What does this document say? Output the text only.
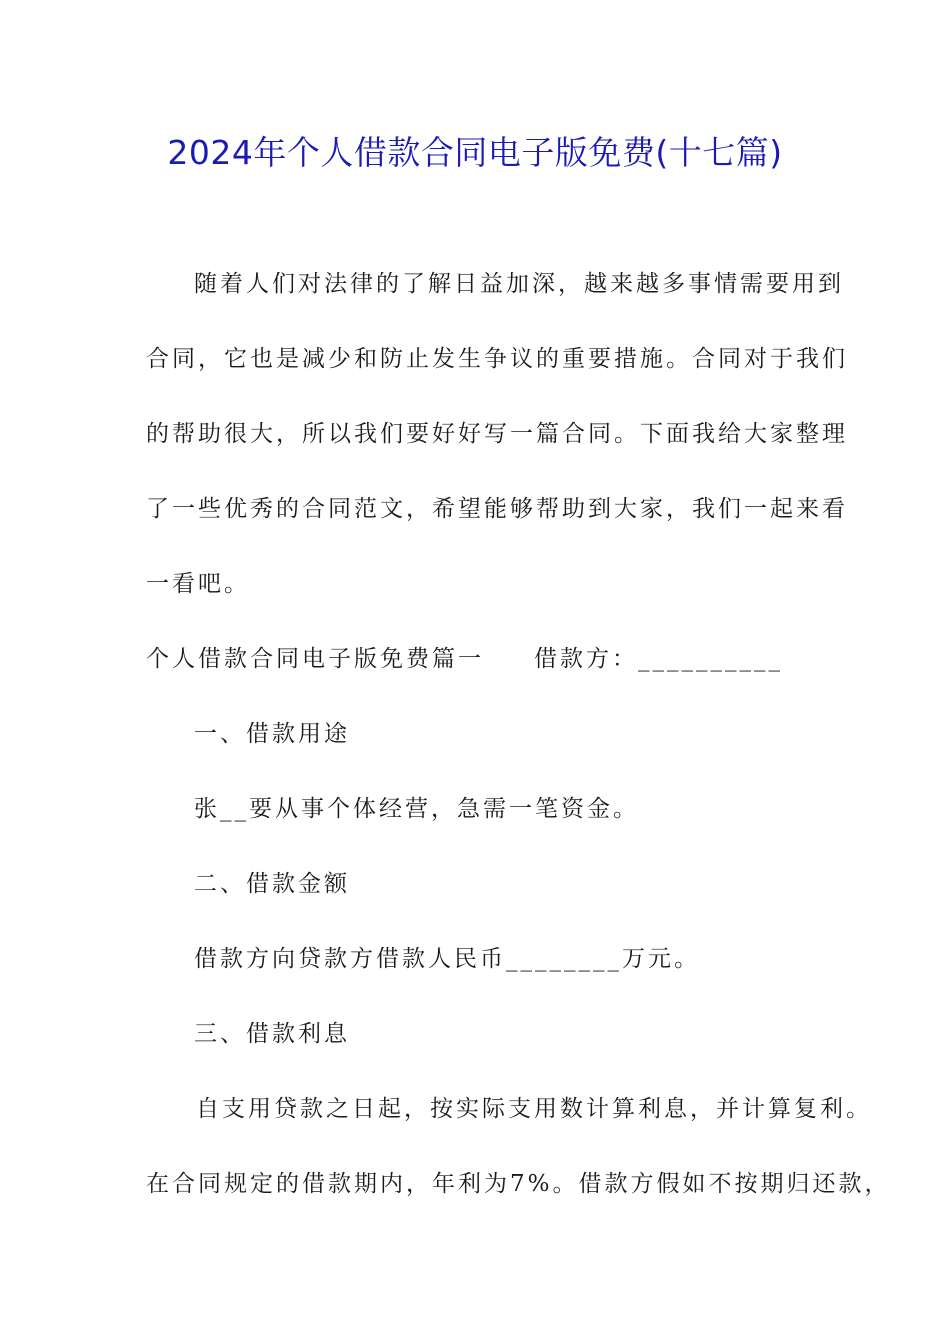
2024年个人借款合同电子版免费(十七篇)
随着人们对法律的了解日益加深，越来越多事情需要用到
合同，它也是减少和防止发生争议的重要措施。合同对于我们
的帮助很大，所以我们要好好写一篇合同。下面我给大家整理
了一些优秀的合同范文，希望能够帮助到大家，我们一起来看
一看吧。
个人借款合同电子版免费篇一 借款方：__________
一、借款用途
张__要从事个体经营，急需一笔资金。
二、借款金额
借款方向贷款方借款人民币________万元。
三、借款利息
自支用贷款之日起，按实际支用数计算利息，并计算复利。
在合同规定的借款期内，年利为7%。借款方假如不按期归还款，
